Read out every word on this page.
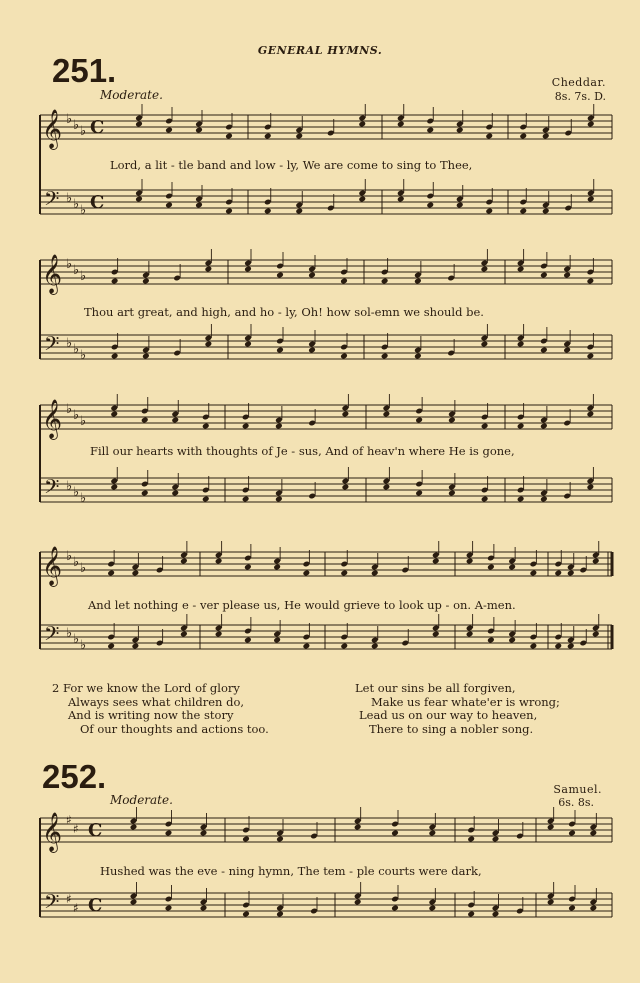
GENERAL HYMNS.
251.
Moderate.
Cheddar.
8s. 7s. D.
Lord, a lit - tle band and low - ly, We are come to sing to Thee,
Thou art great, and high, and ho - ly, Oh! how sol-emn we should be.
Fill our hearts with thoughts of Je - sus, And of heav'n where He is gone,
And let nothing e - ver please us, He would grieve to look up - on. A-men.
2 For we know the Lord of glory
Always sees what children do,
And is writing now the story
Of our thoughts and actions too.
Let our sins be all forgiven,
Make us fear whate'er is wrong;
Lead us on our way to heaven,
There to sing a nobler song.
252.
Moderate.
Samuel.
6s. 8s.
Hushed was the eve - ning hymn, The tem - ple courts were dark,
𝄞
𝄢
♭ ♭ ♭
♭ ♭ ♭
C
C
𝄞
𝄢
♭ ♭ ♭
♭ ♭ ♭
𝄞
𝄢
♭ ♭ ♭
♭ ♭ ♭
𝄞
𝄢
♭ ♭ ♭
♭ ♭ ♭
𝄞
𝄢
♯
♯
♯
♯
C
C
